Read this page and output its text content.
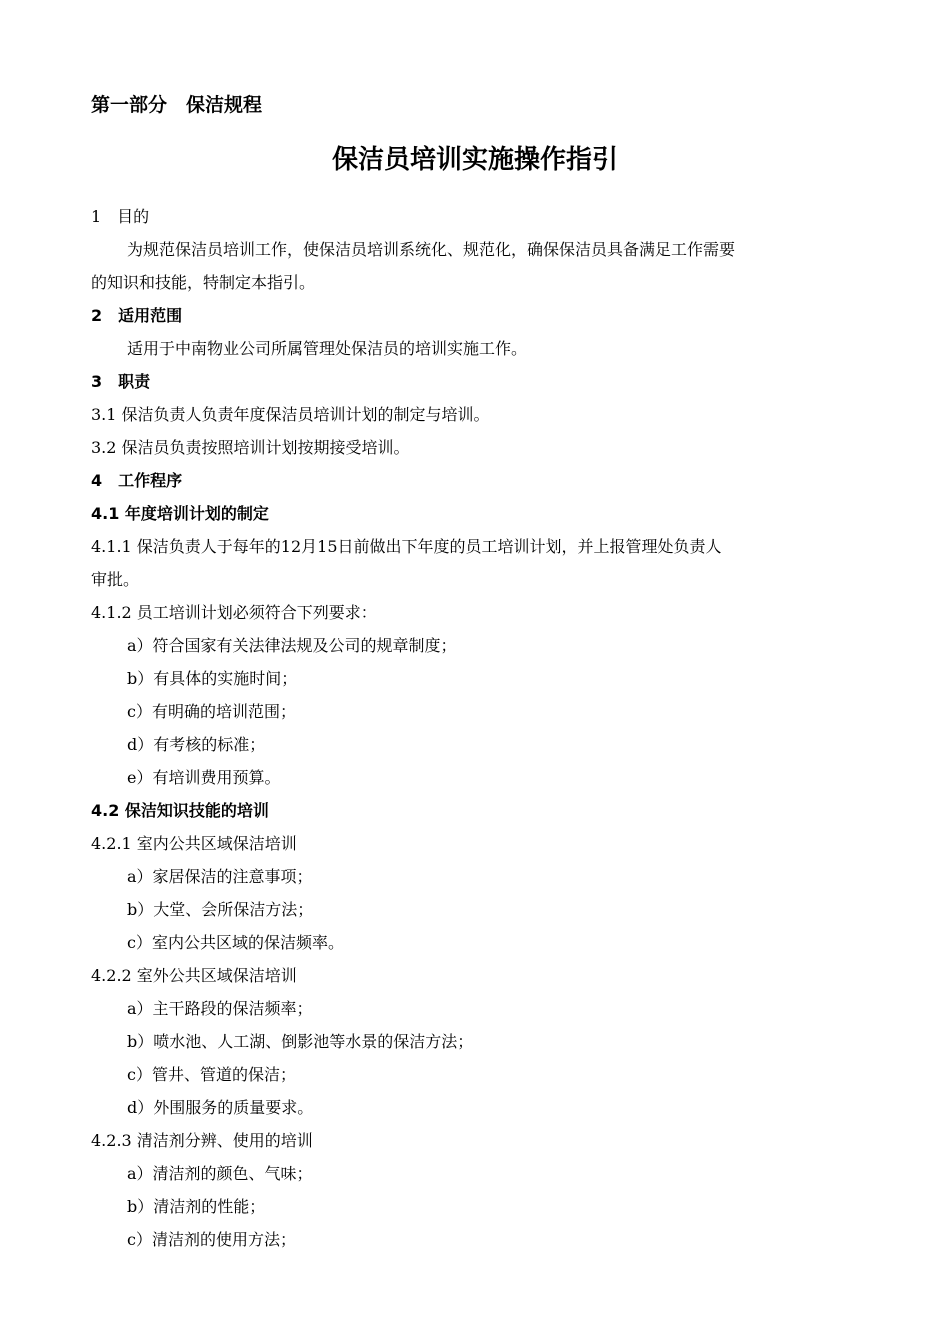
第一部分　保洁规程
保洁员培训实施操作指引
1　目的
为规范保洁员培训工作，使保洁员培训系统化、规范化，确保保洁员具备满足工作需要
的知识和技能，特制定本指引。
2　适用范围
适用于中南物业公司所属管理处保洁员的培训实施工作。
3　职责
3.1 保洁负责人负责年度保洁员培训计划的制定与培训。
3.2 保洁员负责按照培训计划按期接受培训。
4　工作程序
4.1 年度培训计划的制定
4.1.1 保洁负责人于每年的12月15日前做出下年度的员工培训计划，并上报管理处负责人
审批。
4.1.2 员工培训计划必须符合下列要求：
a）符合国家有关法律法规及公司的规章制度；
b）有具体的实施时间；
c）有明确的培训范围；
d）有考核的标准；
e）有培训费用预算。
4.2 保洁知识技能的培训
4.2.1 室内公共区域保洁培训
a）家居保洁的注意事项；
b）大堂、会所保洁方法；
c）室内公共区域的保洁频率。
4.2.2 室外公共区域保洁培训
a）主干路段的保洁频率；
b）喷水池、人工湖、倒影池等水景的保洁方法；
c）管井、管道的保洁；
d）外围服务的质量要求。
4.2.3 清洁剂分辨、使用的培训
a）清洁剂的颜色、气味；
b）清洁剂的性能；
c）清洁剂的使用方法；
